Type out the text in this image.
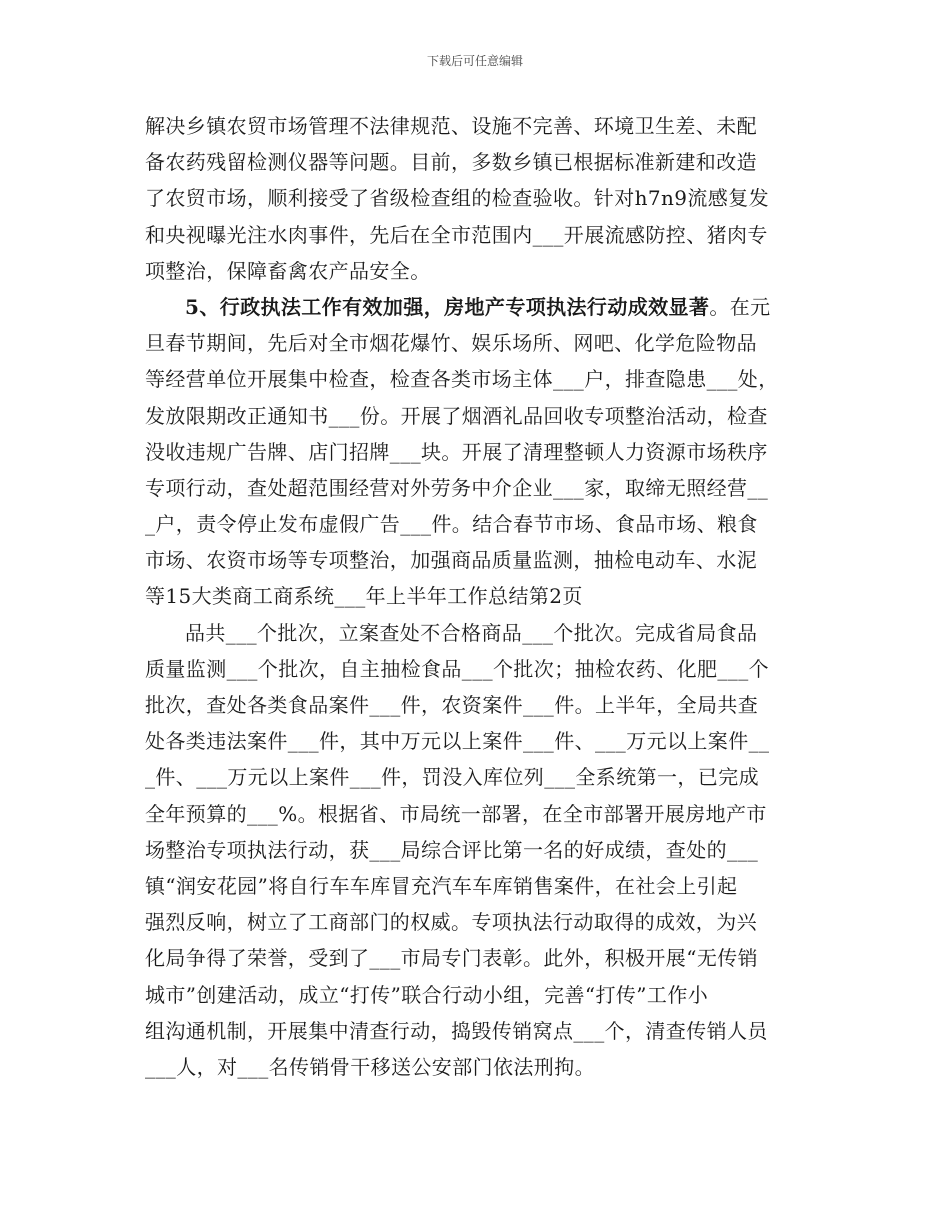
下载后可任意编辑
解决乡镇农贸市场管理不法律规范、设施不完善、环境卫生差、未配
备农药残留检测仪器等问题。目前，多数乡镇已根据标准新建和改造
了农贸市场，顺利接受了省级检查组的检查验收。针对h7n9流感复发
和央视曝光注水肉事件，先后在全市范围内___开展流感防控、猪肉专
项整治，保障畜禽农产品安全。
5、行政执法工作有效加强，房地产专项执法行动成效显著。在元
旦春节期间，先后对全市烟花爆竹、娱乐场所、网吧、化学危险物品
等经营单位开展集中检查，检查各类市场主体___户，排查隐患___处，
发放限期改正通知书___份。开展了烟酒礼品回收专项整治活动，检查
没收违规广告牌、店门招牌___块。开展了清理整顿人力资源市场秩序
专项行动，查处超范围经营对外劳务中介企业___家，取缔无照经营__
_户，责令停止发布虚假广告___件。结合春节市场、食品市场、粮食
市场、农资市场等专项整治，加强商品质量监测，抽检电动车、水泥
等15大类商工商系统___年上半年工作总结第2页
品共___个批次，立案查处不合格商品___个批次。完成省局食品
质量监测___个批次，自主抽检食品___个批次；抽检农药、化肥___个
批次，查处各类食品案件___件，农资案件___件。上半年，全局共查
处各类违法案件___件，其中万元以上案件___件、___万元以上案件__
_件、___万元以上案件___件，罚没入库位列___全系统第一，已完成
全年预算的___%。根据省、市局统一部署，在全市部署开展房地产市
场整治专项执法行动，获___局综合评比第一名的好成绩，查处的___
镇“润安花园”将自行车车库冒充汽车车库销售案件，在社会上引起
强烈反响，树立了工商部门的权威。专项执法行动取得的成效，为兴
化局争得了荣誉，受到了___市局专门表彰。此外，积极开展“无传销
城市”创建活动，成立“打传”联合行动小组，完善“打传”工作小
组沟通机制，开展集中清查行动，捣毁传销窝点___个，清查传销人员
___人，对___名传销骨干移送公安部门依法刑拘。
